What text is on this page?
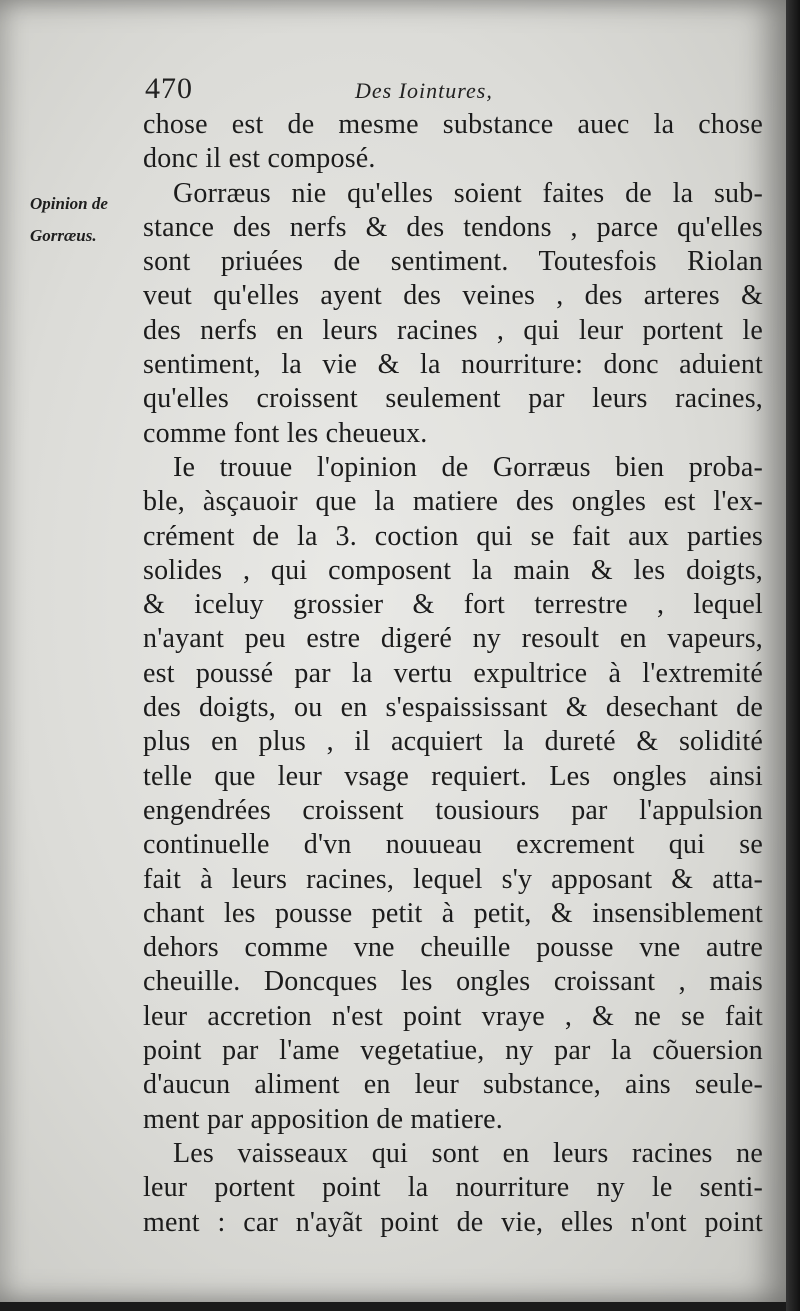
470	Des Iointures,
Opinion de
Gorræus.
chose est de mesme substance auec la chose
donc il est composé.
Gorræus nie qu'elles soient faites de la sub-
stance des nerfs & des tendons , parce qu'elles
sont priuées de sentiment. Toutesfois Riolan
veut qu'elles ayent des veines , des arteres &
des nerfs en leurs racines , qui leur portent le
sentiment, la vie & la nourriture: donc aduient
qu'elles croissent seulement par leurs racines,
comme font les cheueux.
Ie trouue l'opinion de Gorræus bien proba-
ble, àsçauoir que la matiere des ongles est l'ex-
crément de la 3. coction qui se fait aux parties
solides , qui composent la main & les doigts,
& iceluy grossier & fort terrestre , lequel
n'ayant peu estre digeré ny resoult en vapeurs,
est poussé par la vertu expultrice à l'extremité
des doigts, ou en s'espaississant & desechant de
plus en plus , il acquiert la dureté & solidité
telle que leur vsage requiert. Les ongles ainsi
engendrées croissent tousiours par l'appulsion
continuelle d'vn nouueau excrement qui se
fait à leurs racines, lequel s'y apposant & atta-
chant les pousse petit à petit, & insensiblement
dehors comme vne cheuille pousse vne autre
cheuille. Doncques les ongles croissant , mais
leur accretion n'est point vraye , & ne se fait
point par l'ame vegetatiue, ny par la cõuersion
d'aucun aliment en leur substance, ains seule-
ment par apposition de matiere.
Les vaisseaux qui sont en leurs racines ne
leur portent point la nourriture ny le senti-
ment : car n'ayãt point de vie, elles n'ont point
